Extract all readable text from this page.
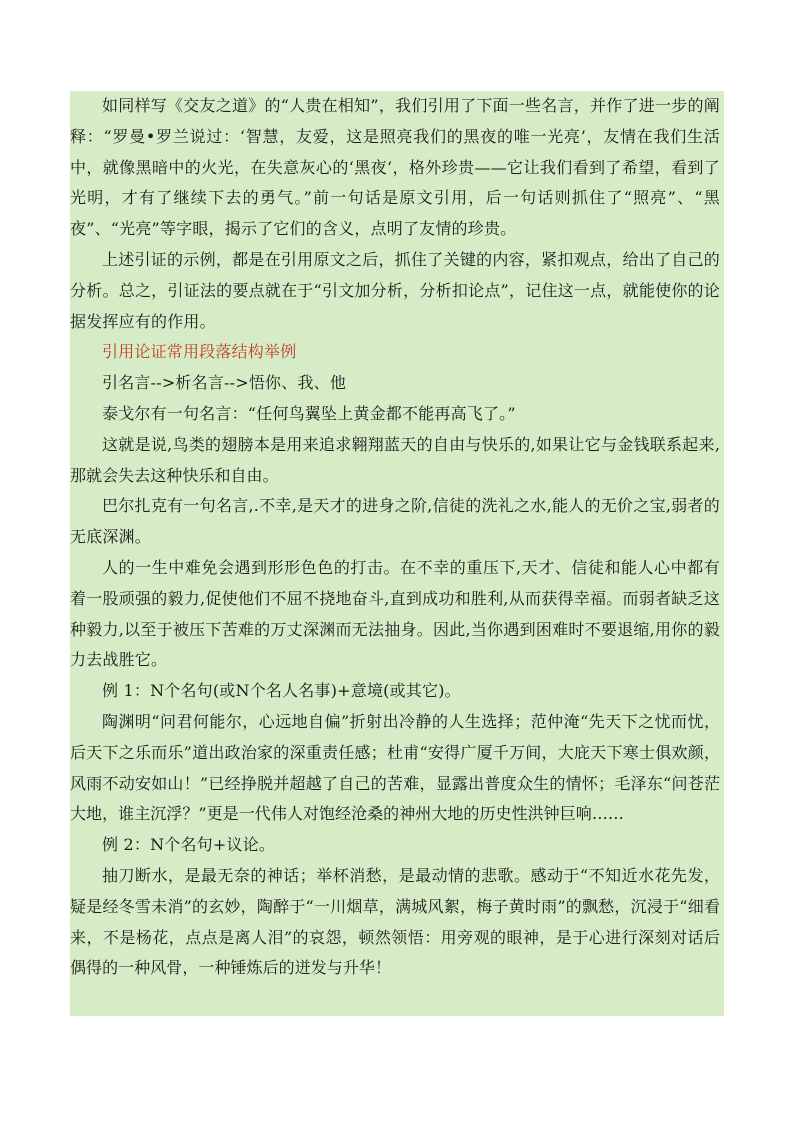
如同样写《交友之道》的“人贵在相知”，我们引用了下面一些名言，并作了进一步的阐释：“罗曼•罗兰说过：‘智慧，友爱，这是照亮我们的黑夜的唯一光亮’，友情在我们生活中，就像黑暗中的火光，在失意灰心的‘黑夜‘，格外珍贵——它让我们看到了希望，看到了光明，才有了继续下去的勇气。”前一句话是原文引用，后一句话则抓住了“照亮”、“黑夜”、“光亮”等字眼，揭示了它们的含义，点明了友情的珍贵。

上述引证的示例，都是在引用原文之后，抓住了关键的内容，紧扣观点，给出了自己的分析。总之，引证法的要点就在于“引文加分析，分析扣论点”，记住这一点，就能使你的论据发挥应有的作用。

引用论证常用段落结构举例

引名言-->析名言-->悟你、我、他

泰戈尔有一句名言：“任何鸟翼坠上黄金都不能再高飞了。”

这就是说,鸟类的翅膀本是用来追求翱翔蓝天的自由与快乐的,如果让它与金钱联系起来,那就会失去这种快乐和自由。

巴尔扎克有一句名言,.不幸,是天才的进身之阶,信徒的洗礼之水,能人的无价之宝,弱者的无底深渊。

人的一生中难免会遇到形形色色的打击。在不幸的重压下,天才、信徒和能人心中都有着一股顽强的毅力,促使他们不屈不挠地奋斗,直到成功和胜利,从而获得幸福。而弱者缺乏这种毅力,以至于被压下苦难的万丈深渊而无法抽身。因此,当你遇到困难时不要退缩,用你的毅力去战胜它。

例 1：N个名句(或N个名人名事)+意境(或其它)。

陶渊明“问君何能尔，心远地自偏”折射出冷静的人生选择；范仲淹“先天下之忧而忧，后天下之乐而乐”道出政治家的深重责任感；杜甫“安得广厦千万间，大庇天下寒士俱欢颜，风雨不动安如山！”已经挣脱并超越了自己的苦难，显露出普度众生的情怀；毛泽东“问苍茫大地，谁主沉浮？”更是一代伟人对饱经沧桑的神州大地的历史性洪钟巨响……

例 2：N个名句+议论。

抽刀断水，是最无奈的神话；举杯消愁，是最动情的悲歌。感动于“不知近水花先发，疑是经冬雪未消”的玄妙，陶醉于“一川烟草，满城风絮，梅子黄时雨”的飘愁，沉浸于“细看来，不是杨花，点点是离人泪”的哀怨，顿然领悟：用旁观的眼神，是于心进行深刻对话后偶得的一种风骨，一种锤炼后的迸发与升华！
